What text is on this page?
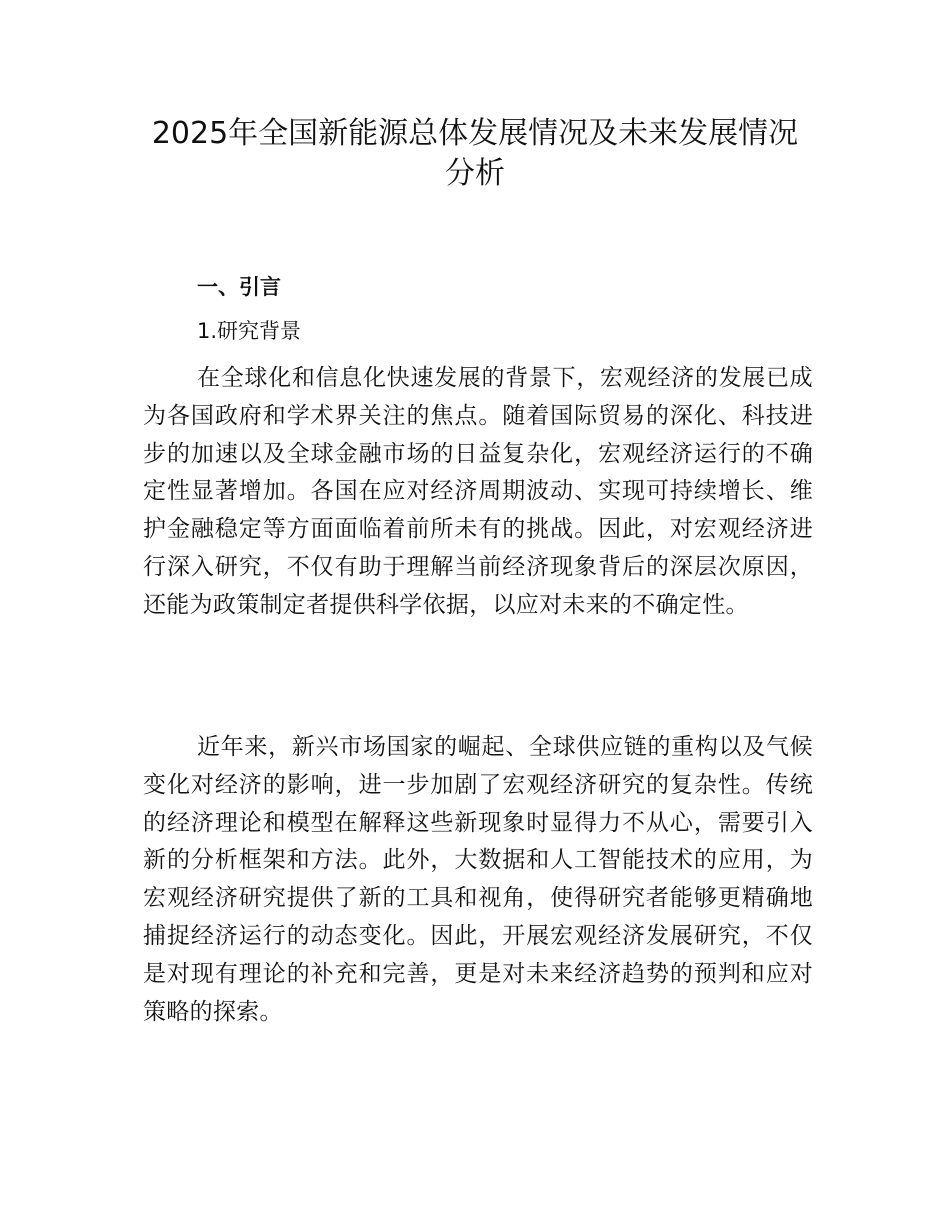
2025年全国新能源总体发展情况及未来发展情况
分析
一、引言
1.研究背景

在全球化和信息化快速发展的背景下，宏观经济的发展已成为各国政府和学术界关注的焦点。随着国际贸易的深化、科技进步的加速以及全球金融市场的日益复杂化，宏观经济运行的不确定性显著增加。各国在应对经济周期波动、实现可持续增长、维护金融稳定等方面面临着前所未有的挑战。因此，对宏观经济进行深入研究，不仅有助于理解当前经济现象背后的深层次原因，还能为政策制定者提供科学依据，以应对未来的不确定性。

近年来，新兴市场国家的崛起、全球供应链的重构以及气候变化对经济的影响，进一步加剧了宏观经济研究的复杂性。传统的经济理论和模型在解释这些新现象时显得力不从心，需要引入新的分析框架和方法。此外，大数据和人工智能技术的应用，为宏观经济研究提供了新的工具和视角，使得研究者能够更精确地捕捉经济运行的动态变化。因此，开展宏观经济发展研究，不仅是对现有理论的补充和完善，更是对未来经济趋势的预判和应对策略的探索。
